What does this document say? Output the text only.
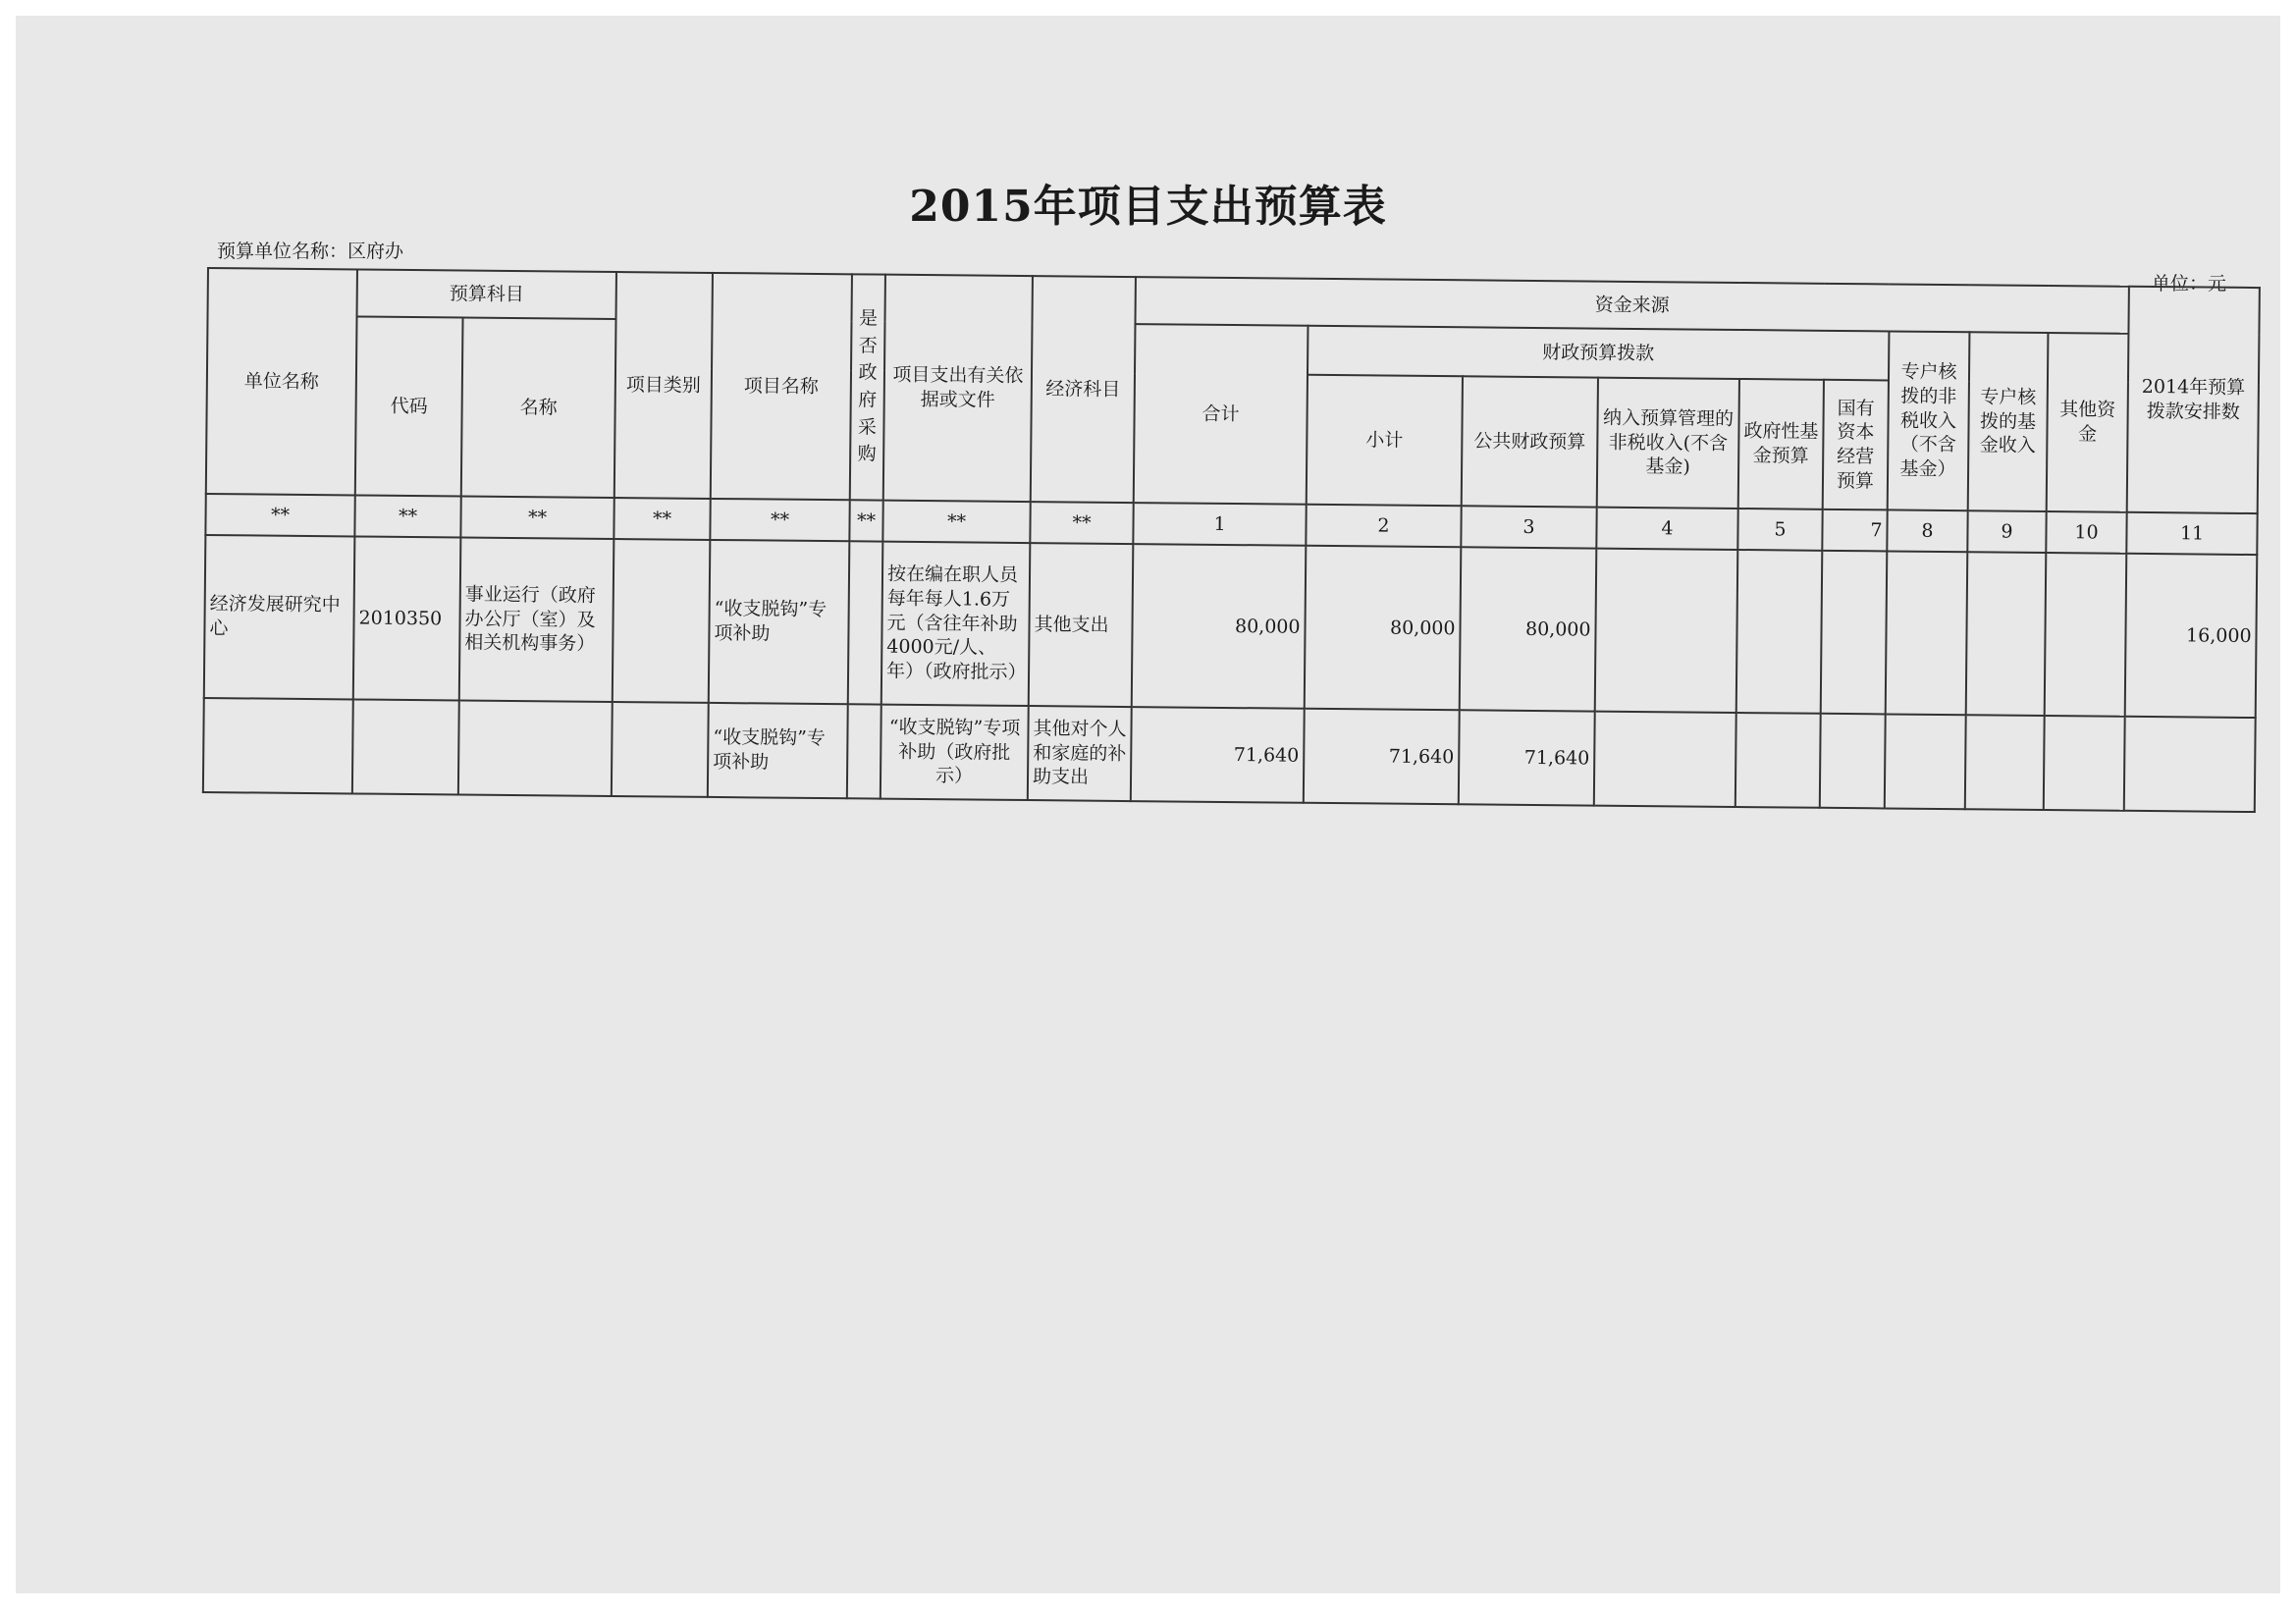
2015年项目支出预算表
预算单位名称：区府办
单位：元
单位名称	预算科目		项目类别	项目名称	是否政府采购	项目支出有关依据或文件	经济科目	资金来源									2014年预算拨款安排数
	代码	名称						合计	财政预算拨款					专户核拨的非税收入（不含基金）	专户核拨的基金收入	其他资金	
									小计	公共财政预算	纳入预算管理的非税收入(不含基金)	政府性基金预算	国有资本经营预算				
**	**	**	**	**	**	**	**	1	2	3	4	5	7	8	9	10	11
经济发展研究中心	2010350	事业运行（政府办公厅（室）及相关机构事务）		“收支脱钩”专项补助		按在编在职人员每年每人1.6万元（含往年补助4000元/人、年）（政府批示）	其他支出	80,000	80,000	80,000							16,000
				“收支脱钩”专项补助		“收支脱钩”专项补助（政府批示）	其他对个人和家庭的补助支出	71,640	71,640	71,640							
